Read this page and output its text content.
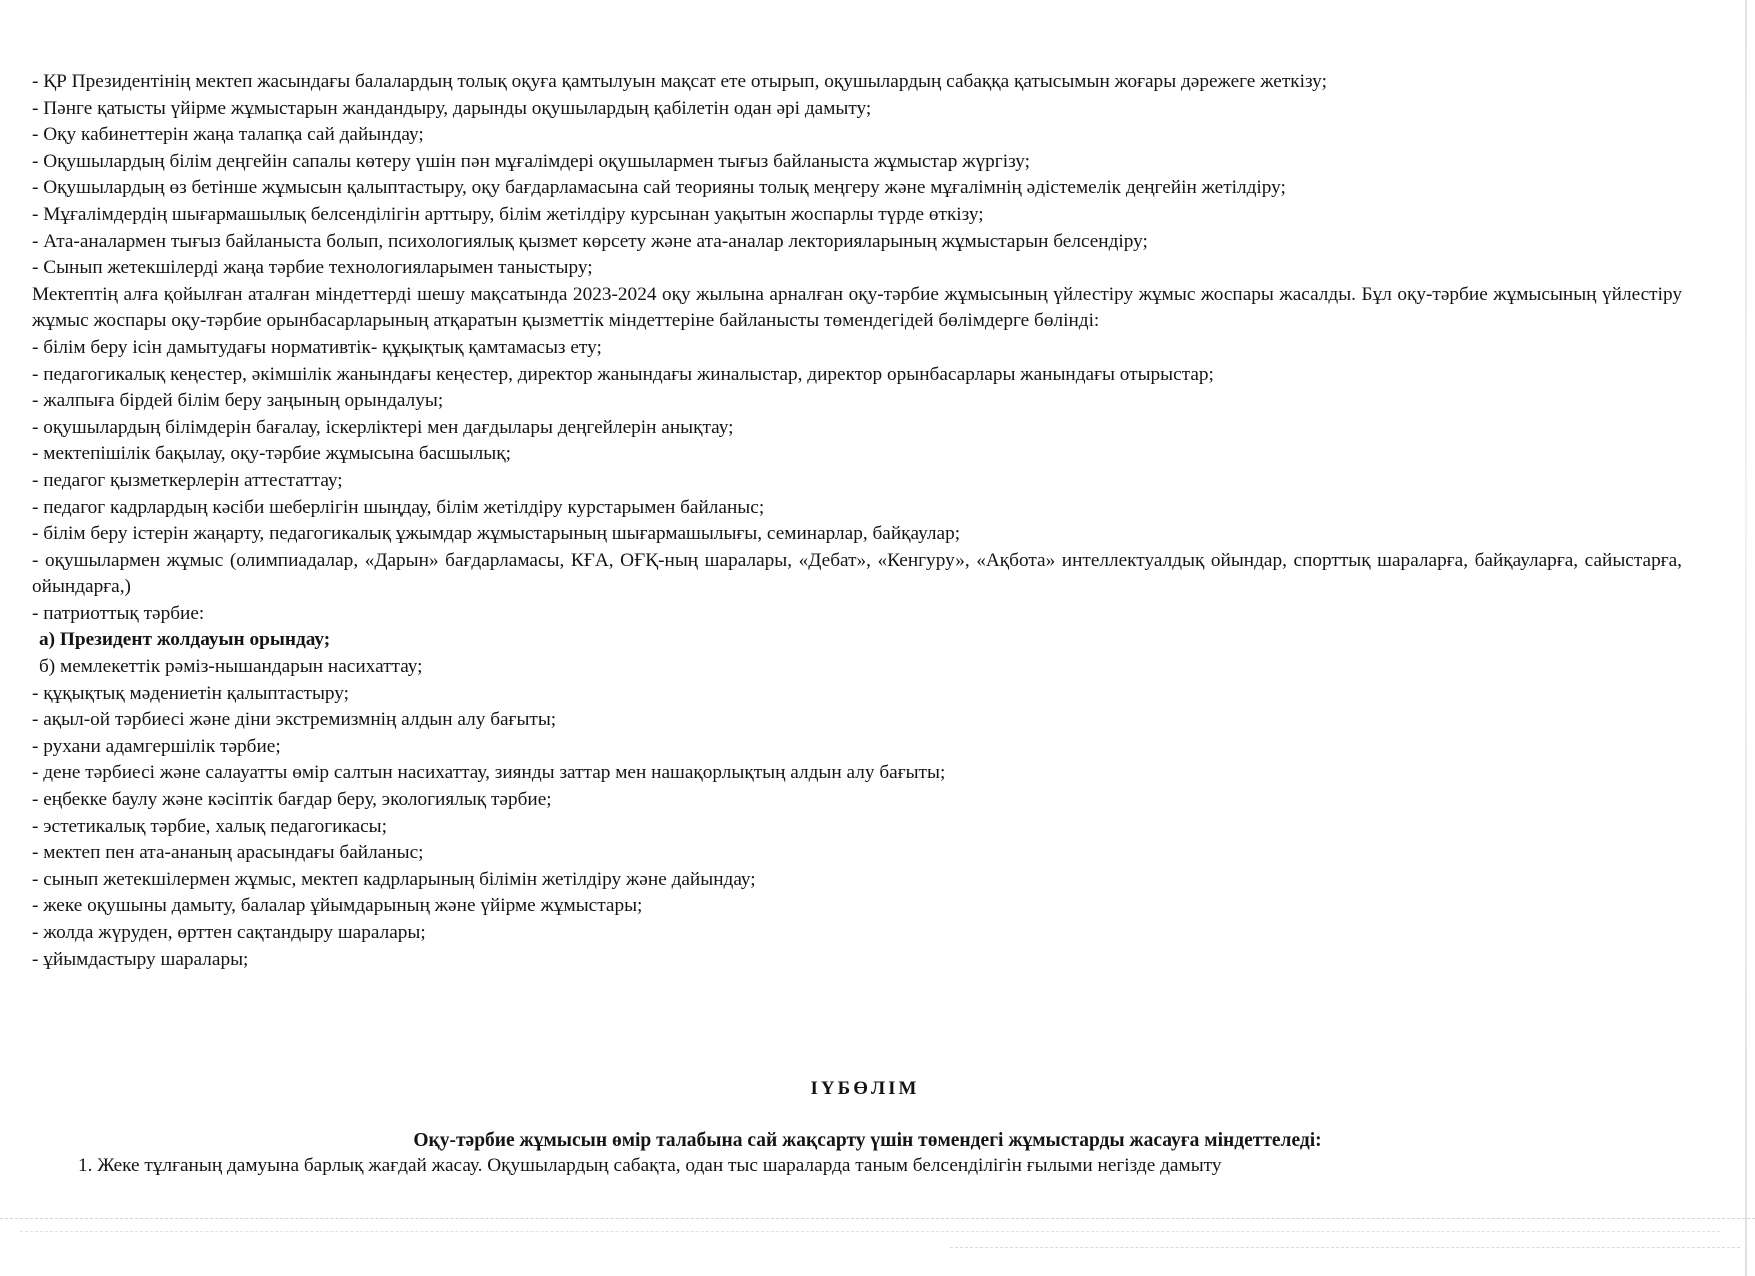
- ҚР Президентінің мектеп жасындағы балалардың толық оқуға қамтылуын мақсат ете отырып, оқушылардың сабаққа қатысымын жоғары дәрежеге жеткізу;
- Пәнге қатысты үйірме жұмыстарын жандандыру, дарынды оқушылардың қабілетін одан әрі дамыту;
- Оқу кабинеттерін жаңа талапқа сай дайындау;
- Оқушылардың білім деңгейін сапалы көтеру үшін пән мұғалімдері оқушылармен тығыз байланыста жұмыстар жүргізу;
- Оқушылардың өз бетінше жұмысын қалыптастыру, оқу бағдарламасына сай теорияны толық меңгеру және мұғалімнің әдістемелік деңгейін жетілдіру;
- Мұғалімдердің шығармашылық белсенділігін арттыру, білім жетілдіру курсынан уақытын жоспарлы түрде өткізу;
- Ата-аналармен тығыз байланыста болып, психологиялық қызмет көрсету және ата-аналар лекторияларының жұмыстарын белсендіру;
- Сынып жетекшілерді жаңа тәрбие технологияларымен таныстыру;
Мектептің алға қойылған аталған міндеттерді шешу мақсатында 2023-2024 оқу жылына арналған оқу-тәрбие жұмысының үйлестіру жұмыс жоспары жасалды. Бұл оқу-тәрбие жұмысының үйлестіру жұмыс жоспары оқу-тәрбие орынбасарларының атқаратын қызметтік міндеттеріне байланысты төмендегідей бөлімдерге бөлінді:
- білім беру ісін дамытудағы нормативтік- құқықтық қамтамасыз ету;
- педагогикалық кеңестер, әкімшілік жанындағы кеңестер, директор жанындағы жиналыстар, директор орынбасарлары жанындағы отырыстар;
- жалпыға бірдей білім беру заңының орындалуы;
- оқушылардың білімдерін бағалау, іскерліктері мен дағдылары деңгейлерін анықтау;
- мектепішілік бақылау, оқу-тәрбие жұмысына басшылық;
- педагог қызметкерлерін аттестаттау;
- педагог кадрлардың кәсіби шеберлігін шыңдау, білім жетілдіру курстарымен байланыс;
- білім беру істерін жаңарту, педагогикалық ұжымдар жұмыстарының шығармашылығы, семинарлар, байқаулар;
- оқушылармен жұмыс (олимпиадалар, «Дарын» бағдарламасы, КҒА, ОҒҚ-ның шаралары, «Дебат», «Кенгуру», «Ақбота» интеллектуалдық ойындар, спорттық шараларға, байқауларға, сайыстарға, ойындарға,)
- патриоттық тәрбие:
а) Президент жолдауын орындау;
б) мемлекеттік рәміз-нышандарын насихаттау;
- құқықтық мәдениетін қалыптастыру;
- ақыл-ой тәрбиесі және діни экстремизмнің алдын алу бағыты;
- рухани адамгершілік тәрбие;
- дене тәрбиесі және салауатты өмір салтын насихаттау, зиянды заттар мен нашақорлықтың алдын алу бағыты;
- еңбекке баулу және кәсіптік бағдар беру, экологиялық тәрбие;
- эстетикалық тәрбие, халық педагогикасы;
- мектеп пен ата-ананың арасындағы байланыс;
- сынып жетекшілермен жұмыс, мектеп кадрларының білімін жетілдіру және дайындау;
- жеке оқушыны дамыту, балалар ұйымдарының және үйірме жұмыстары;
- жолда жүруден, өрттен сақтандыру шаралары;
- ұйымдастыру шаралары;
ІҮБӨЛІМ
Оқу-тәрбие жұмысын өмір талабына сай жақсарту үшін төмендегі жұмыстарды жасауға міндеттеледі:
1. Жеке тұлғаның дамуына барлық жағдай жасау. Оқушылардың сабақта, одан тыс шараларда таным белсенділігін ғылыми негізде дамыту
